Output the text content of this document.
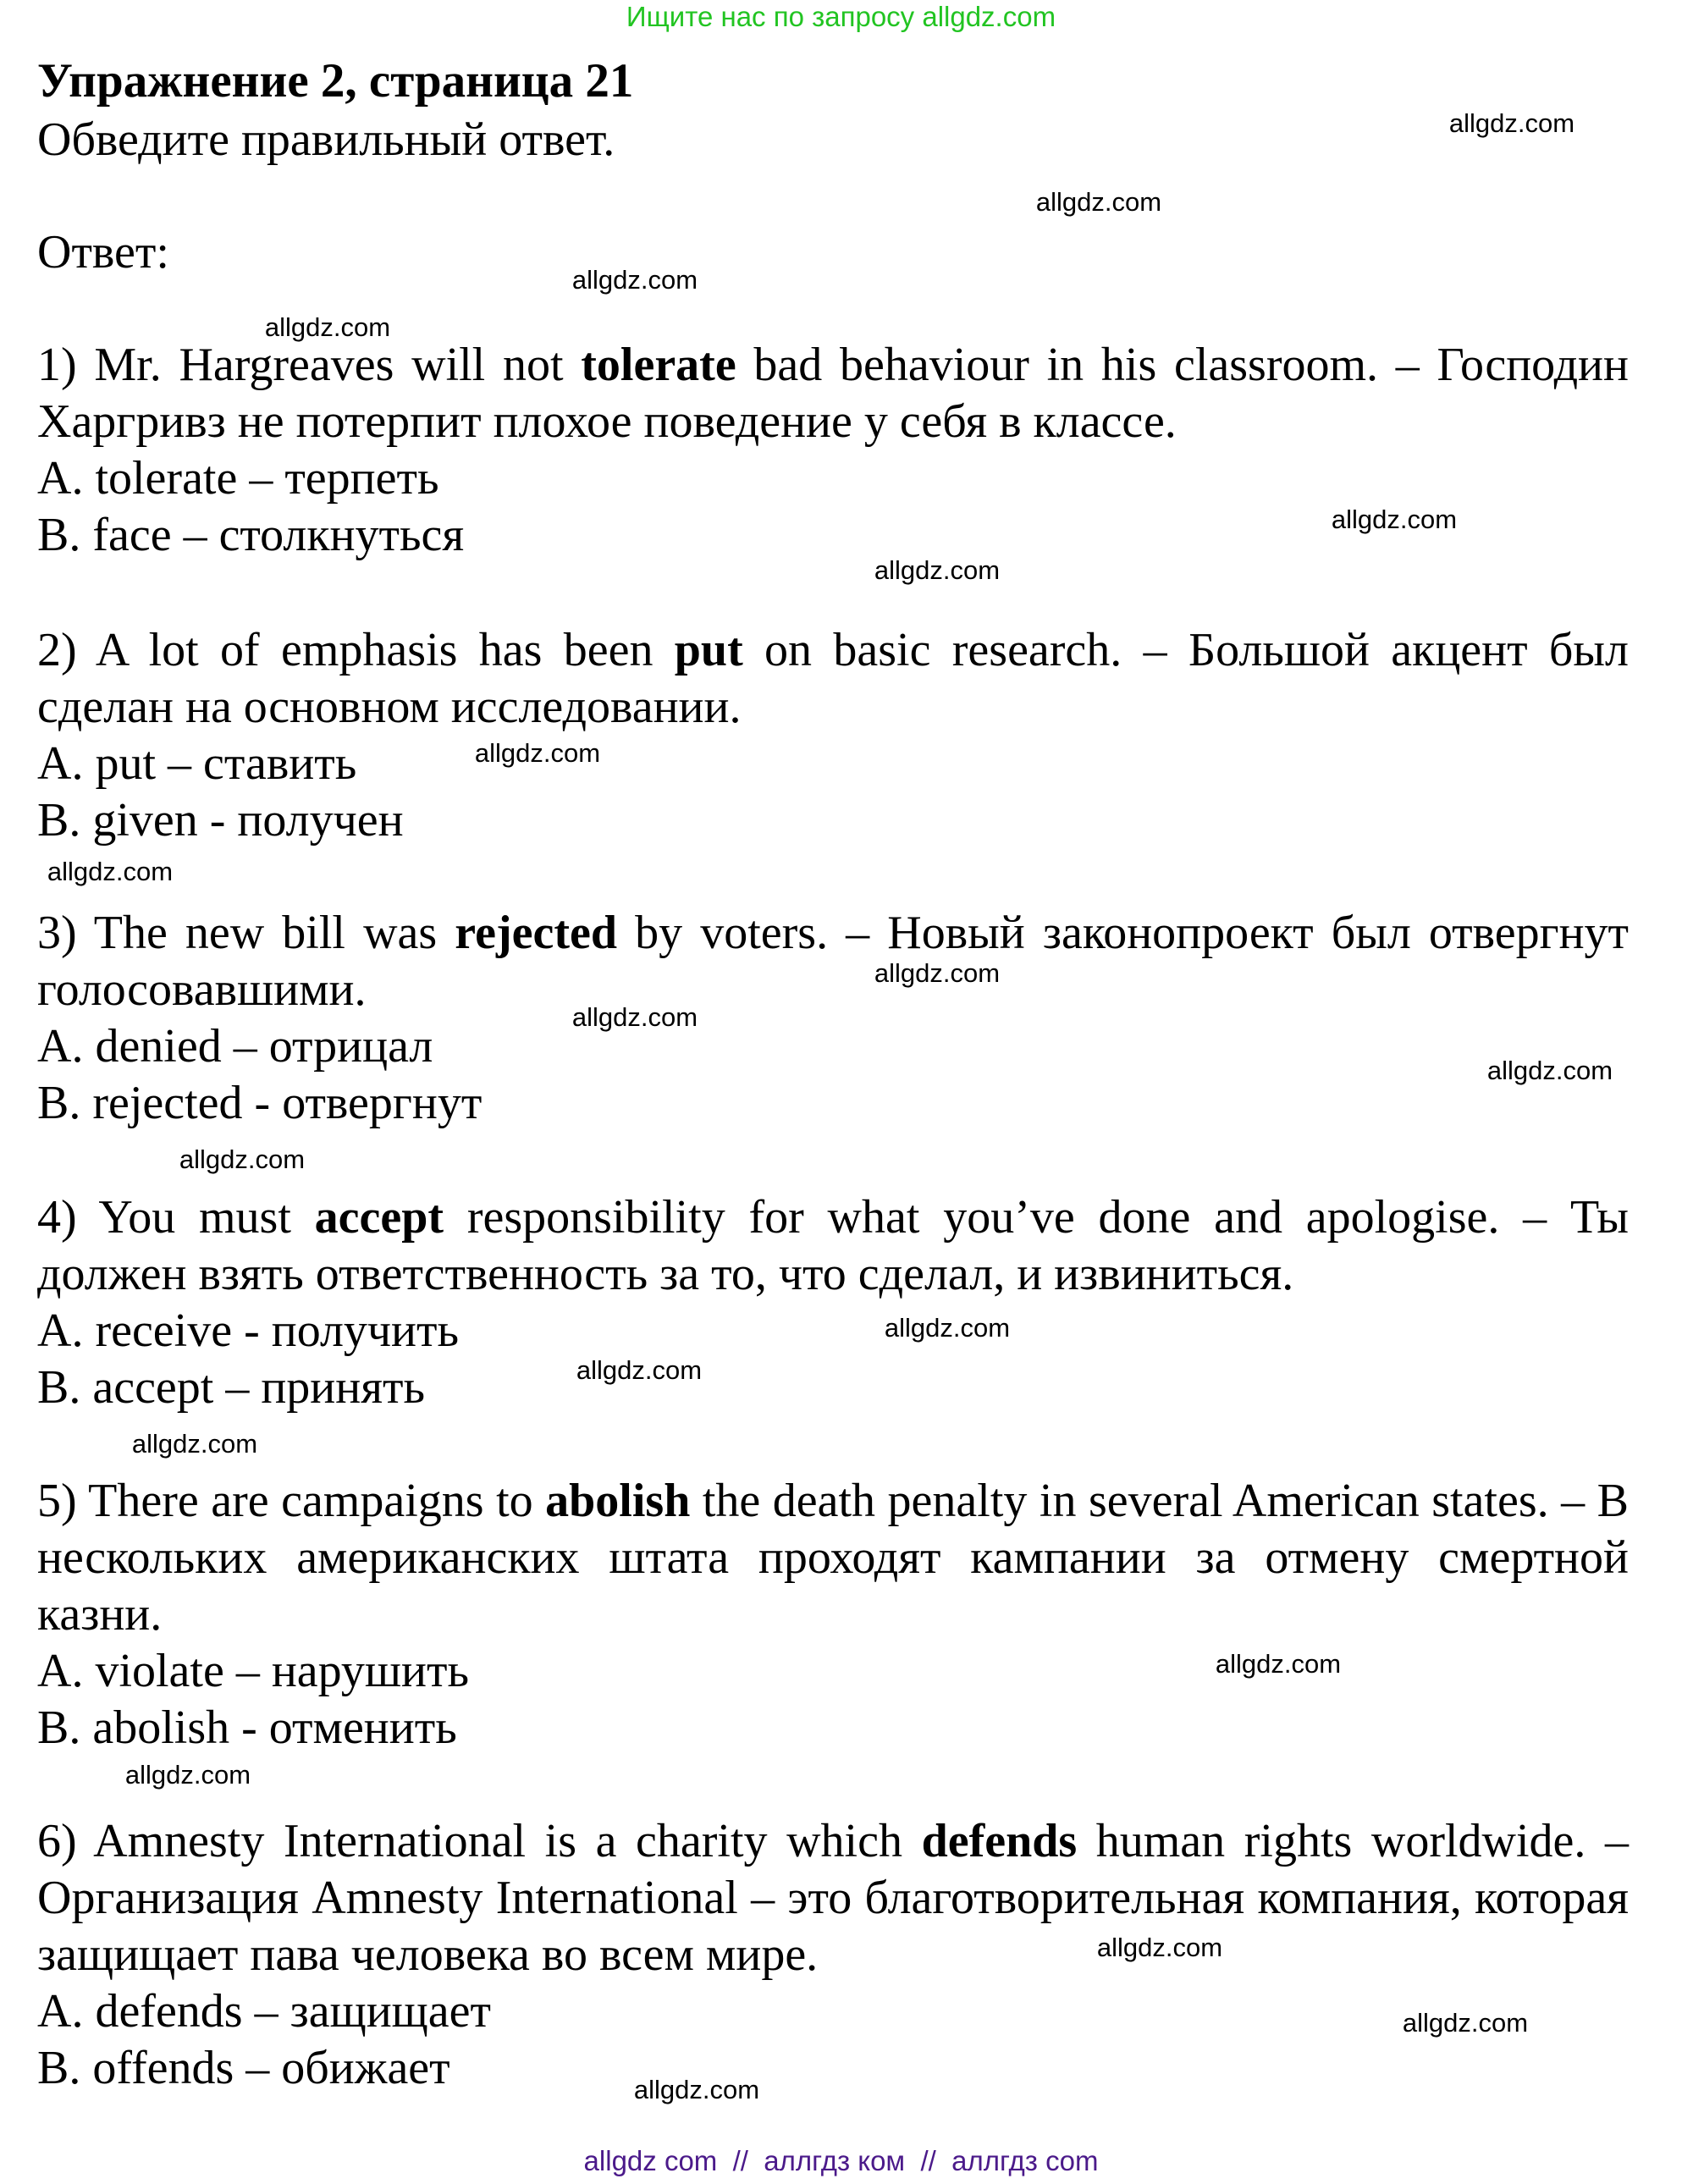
Ищите нас по запросу allgdz.com
Упражнение 2, страница 21
Обведите правильный ответ.
Ответ:

1) Mr. Hargreaves will not tolerate bad behaviour in his classroom. – Господин Харгривз не потерпит плохое поведение у себя в классе.

A. tolerate – терпеть
B. face – столкнуться

2) A lot of emphasis has been put on basic research. – Большой акцент был сделан на основном исследовании.

A. put – ставить
B. given - получен

3) The new bill was rejected by voters. – Новый законопроект был отвергнут голосовавшими.

A. denied – отрицал
B. rejected - отвергнут

4) You must accept responsibility for what you’ve done and apologise. – Ты должен взять ответственность за то, что сделал, и извиниться.

A. receive - получить
B. accept – принять

5) There are campaigns to abolish the death penalty in several American states. – В нескольких американских штата проходят кампании за отмену смертной казни.

A. violate – нарушить
B. abolish - отменить

6) Amnesty International is a charity which defends human rights worldwide. – Организация Amnesty International – это благотворительная компания, которая защищает пава человека во всем мире.

A. defends – защищает
B. offends – обижает
allgdz.com
allgdz.com
allgdz.com
allgdz.com
allgdz.com
allgdz.com
allgdz.com
allgdz.com
allgdz.com
allgdz.com
allgdz.com
allgdz.com
allgdz.com
allgdz.com
allgdz.com
allgdz.com
allgdz.com
allgdz.com
allgdz.com
allgdz.com
allgdz com  //  аллгдз ком  //  аллгдз com
